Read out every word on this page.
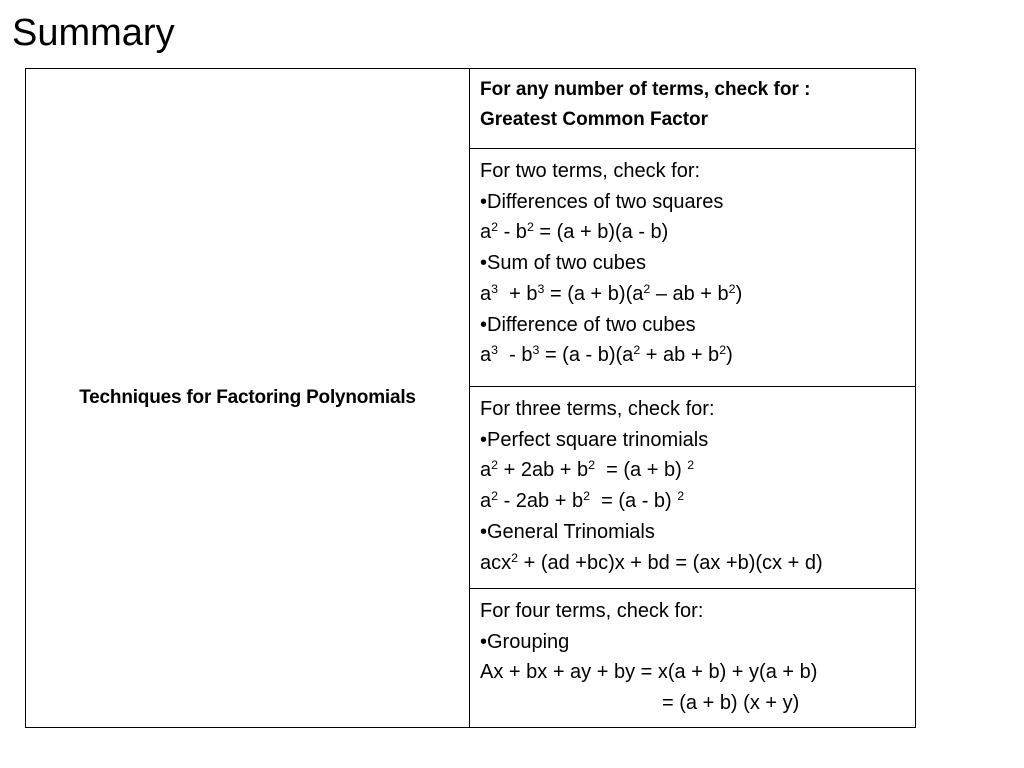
Summary
Techniques for Factoring Polynomials	
For any number of terms, check for :
Greatest Common Factor

For two terms, check for:
•Differences of two squares
$a^2 - b^2 = (a + b)(a - b)$
•Sum of two cubes
$a^3 + b^3 = (a + b)(a^2$ – ab + $b^2$)
•Difference of two cubes
$a^3 - b^3 = (a - b)(a^2$ + ab + $b^2$)

For three terms, check for:
•Perfect square trinomials
$a^2 + 2ab + b^2 = (a + b)$ $^2$
$a^2 - 2ab + b^2 = (a - b)$ $^2$
•General Trinomials
acx$^2$ + (ad +bc)x + bd = (ax +b)(cx + d)

For four terms, check for:
•Grouping
Ax + bx + ay + by = x(a + b) + y(a + b)
= (a + b) (x + y)
